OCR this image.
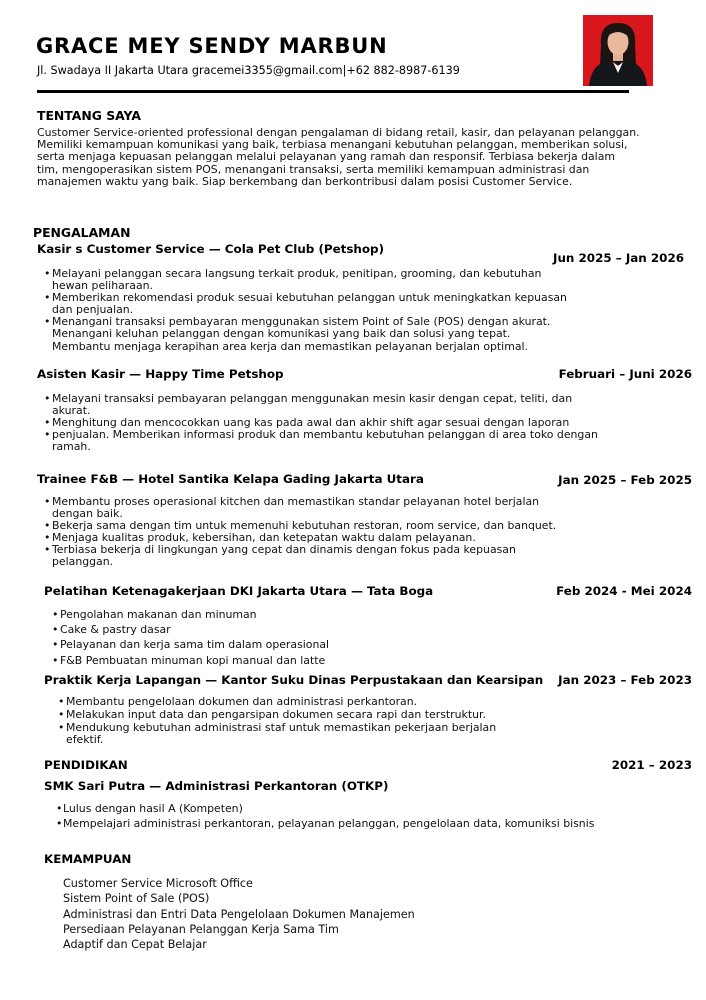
GRACE MEY SENDY MARBUN
Jl. Swadaya II Jakarta Utara gracemei3355@gmail.com|+62 882-8987-6139
TENTANG SAYA
Customer Service-oriented professional dengan pengalaman di bidang retail, kasir, dan pelayanan pelanggan.
Memiliki kemampuan komunikasi yang baik, terbiasa menangani kebutuhan pelanggan, memberikan solusi,
serta menjaga kepuasan pelanggan melalui pelayanan yang ramah dan responsif. Terbiasa bekerja dalam
tim, mengoperasikan sistem POS, menangani transaksi, serta memiliki kemampuan administrasi dan
manajemen waktu yang baik. Siap berkembang dan berkontribusi dalam posisi Customer Service.
PENGALAMAN
Kasir s Customer Service — Cola Pet Club (Petshop)
Jun 2025 – Jan 2026
• Melayani pelanggan secara langsung terkait produk, penitipan, grooming, dan kebutuhan
hewan peliharaan.
• Memberikan rekomendasi produk sesuai kebutuhan pelanggan untuk meningkatkan kepuasan
dan penjualan.
• Menangani transaksi pembayaran menggunakan sistem Point of Sale (POS) dengan akurat.
Menangani keluhan pelanggan dengan komunikasi yang baik dan solusi yang tepat.
Membantu menjaga kerapihan area kerja dan memastikan pelayanan berjalan optimal.
Asisten Kasir — Happy Time Petshop	Februari – Juni 2026
• Melayani transaksi pembayaran pelanggan menggunakan mesin kasir dengan cepat, teliti, dan
akurat.
• Menghitung dan mencocokkan uang kas pada awal dan akhir shift agar sesuai dengan laporan
• penjualan. Memberikan informasi produk dan membantu kebutuhan pelanggan di area toko dengan
ramah.
Trainee F&B — Hotel Santika Kelapa Gading Jakarta Utara	Jan 2025 – Feb 2025
• Membantu proses operasional kitchen dan memastikan standar pelayanan hotel berjalan
dengan baik.
• Bekerja sama dengan tim untuk memenuhi kebutuhan restoran, room service, dan banquet.
• Menjaga kualitas produk, kebersihan, dan ketepatan waktu dalam pelayanan.
• Terbiasa bekerja di lingkungan yang cepat dan dinamis dengan fokus pada kepuasan
pelanggan.
Pelatihan Ketenagakerjaan DKI Jakarta Utara — Tata Boga	Feb 2024 - Mei 2024
• Pengolahan makanan dan minuman
• Cake & pastry dasar
• Pelayanan dan kerja sama tim dalam operasional
• F&B Pembuatan minuman kopi manual dan latte
Praktik Kerja Lapangan — Kantor Suku Dinas Perpustakaan dan Kearsipan Jan 2023 – Feb 2023
• Membantu pengelolaan dokumen dan administrasi perkantoran.
• Melakukan input data dan pengarsipan dokumen secara rapi dan terstruktur.
• Mendukung kebutuhan administrasi staf untuk memastikan pekerjaan berjalan
efektif.
PENDIDIKAN	2021 – 2023
SMK Sari Putra — Administrasi Perkantoran (OTKP)
• Lulus dengan hasil A (Kompeten)
• Mempelajari administrasi perkantoran, pelayanan pelanggan, pengelolaan data, komuniksi bisnis
KEMAMPUAN
Customer Service Microsoft Office
Sistem Point of Sale (POS)
Administrasi dan Entri Data Pengelolaan Dokumen Manajemen
Persediaan Pelayanan Pelanggan Kerja Sama Tim
Adaptif dan Cepat Belajar
